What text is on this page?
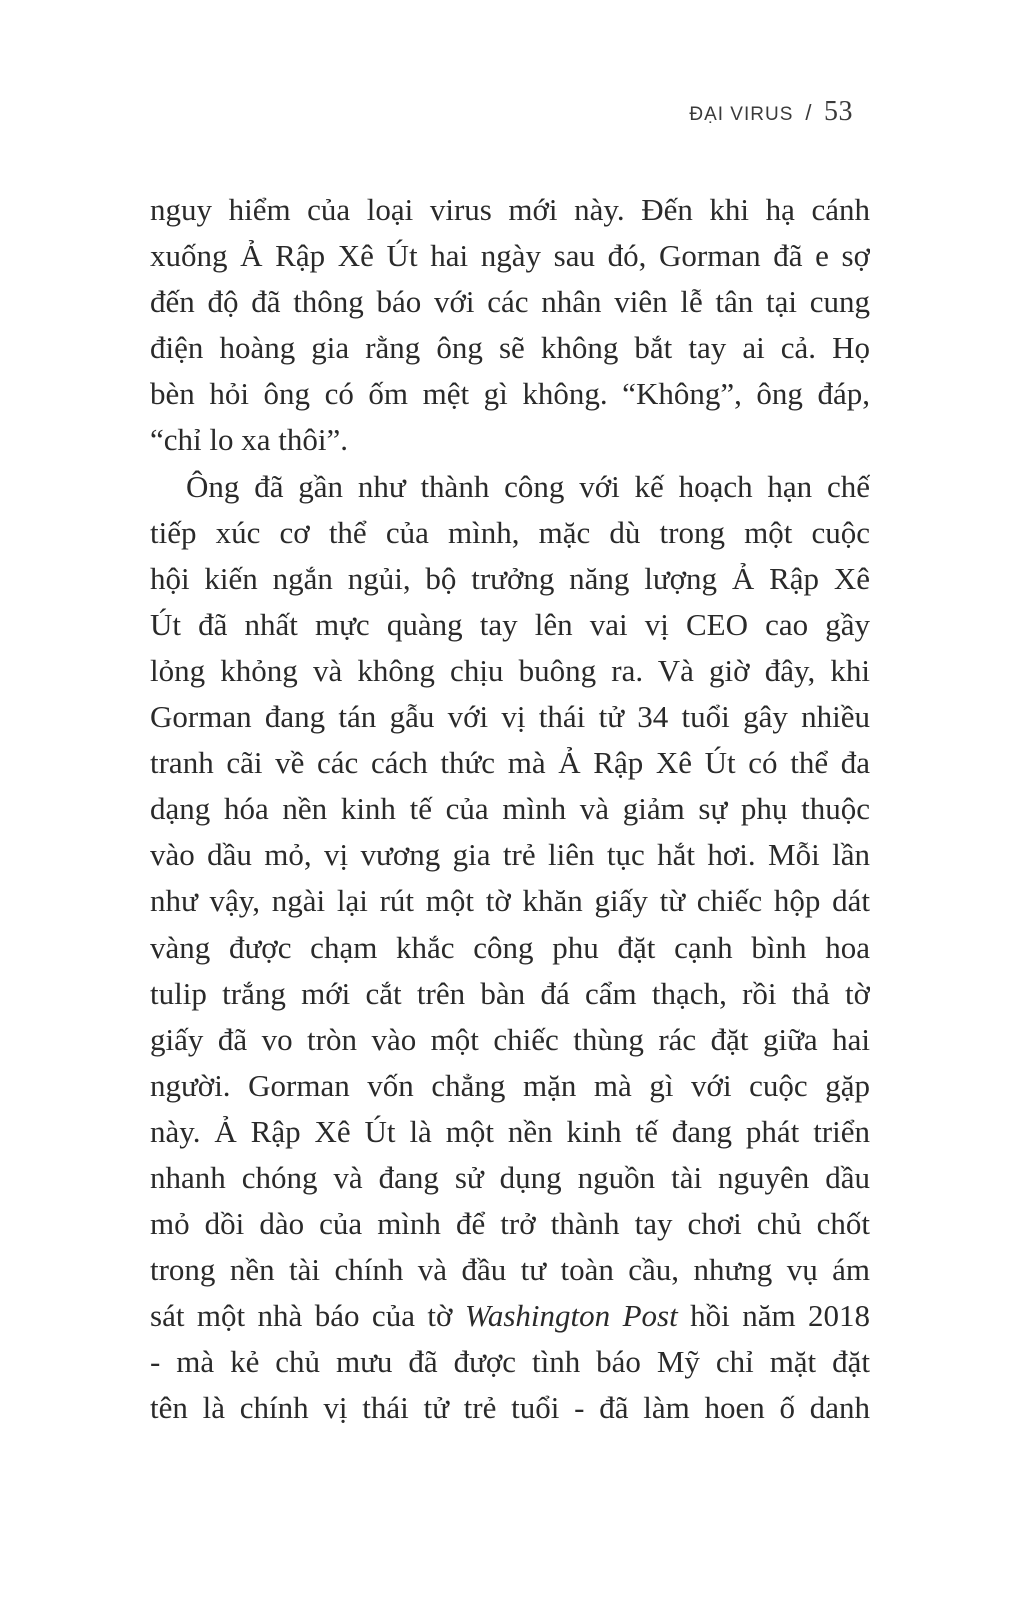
ĐẠI VIRUS / 53
nguy hiểm của loại virus mới này. Đến khi hạ cánh
xuống Ả Rập Xê Út hai ngày sau đó, Gorman đã e sợ
đến độ đã thông báo với các nhân viên lễ tân tại cung
điện hoàng gia rằng ông sẽ không bắt tay ai cả. Họ
bèn hỏi ông có ốm mệt gì không. “Không”, ông đáp,
“chỉ lo xa thôi”.
Ông đã gần như thành công với kế hoạch hạn chế
tiếp xúc cơ thể của mình, mặc dù trong một cuộc
hội kiến ngắn ngủi, bộ trưởng năng lượng Ả Rập Xê
Út đã nhất mực quàng tay lên vai vị CEO cao gầy
lỏng khỏng và không chịu buông ra. Và giờ đây, khi
Gorman đang tán gẫu với vị thái tử 34 tuổi gây nhiều
tranh cãi về các cách thức mà Ả Rập Xê Út có thể đa
dạng hóa nền kinh tế của mình và giảm sự phụ thuộc
vào dầu mỏ, vị vương gia trẻ liên tục hắt hơi. Mỗi lần
như vậy, ngài lại rút một tờ khăn giấy từ chiếc hộp dát
vàng được chạm khắc công phu đặt cạnh bình hoa
tulip trắng mới cắt trên bàn đá cẩm thạch, rồi thả tờ
giấy đã vo tròn vào một chiếc thùng rác đặt giữa hai
người. Gorman vốn chẳng mặn mà gì với cuộc gặp
này. Ả Rập Xê Út là một nền kinh tế đang phát triển
nhanh chóng và đang sử dụng nguồn tài nguyên dầu
mỏ dồi dào của mình để trở thành tay chơi chủ chốt
trong nền tài chính và đầu tư toàn cầu, nhưng vụ ám
sát một nhà báo của tờ Washington Post hồi năm 2018
- mà kẻ chủ mưu đã được tình báo Mỹ chỉ mặt đặt
tên là chính vị thái tử trẻ tuổi - đã làm hoen ố danh
